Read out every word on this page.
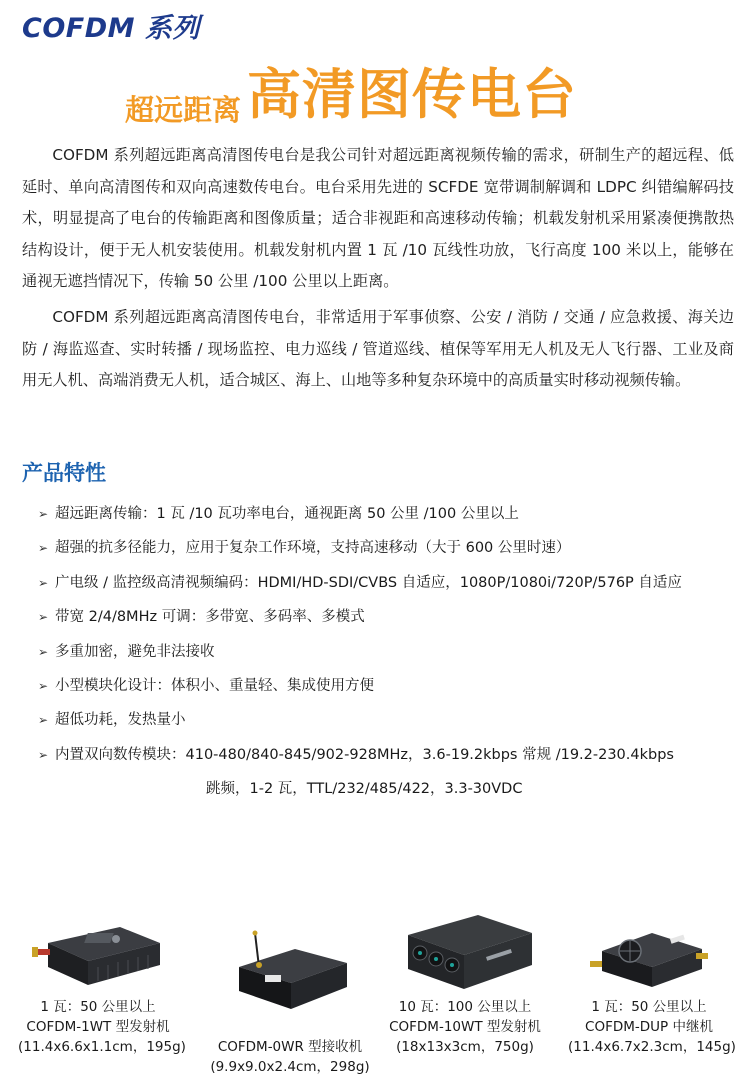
COFDM 系列
超远距离 高清图传电台

COFDM 系列超远距离高清图传电台是我公司针对超远距离视频传输的需求，研制生产的超远程、低延时、单向高清图传和双向高速数传电台。电台采用先进的 SCFDE 宽带调制解调和 LDPC 纠错编解码技术，明显提高了电台的传输距离和图像质量；适合非视距和高速移动传输；机载发射机采用紧凑便携散热结构设计，便于无人机安装使用。机载发射机内置 1 瓦 /10 瓦线性功放，飞行高度 100 米以上，能够在通视无遮挡情况下，传输 50 公里 /100 公里以上距离。

COFDM 系列超远距离高清图传电台，非常适用于军事侦察、公安 / 消防 / 交通 / 应急救援、海关边防 / 海监巡查、实时转播 / 现场监控、电力巡线 / 管道巡线、植保等军用无人机及无人飞行器、工业及商用无人机、高端消费无人机，适合城区、海上、山地等多种复杂环境中的高质量实时移动视频传输。

产品特性
➢ 超远距离传输：1 瓦 /10 瓦功率电台，通视距离 50 公里 /100 公里以上
➢ 超强的抗多径能力，应用于复杂工作环境，支持高速移动（大于 600 公里时速）
➢ 广电级 / 监控级高清视频编码：HDMI/HD-SDI/CVBS 自适应，1080P/1080i/720P/576P 自适应
➢ 带宽 2/4/8MHz 可调：多带宽、多码率、多模式
➢ 多重加密，避免非法接收
➢ 小型模块化设计：体积小、重量轻、集成使用方便
➢ 超低功耗，发热量小
➢ 内置双向数传模块：410-480/840-845/902-928MHz，3.6-19.2kbps 常规 /19.2-230.4kbps
跳频，1-2 瓦，TTL/232/485/422，3.3-30VDC
1 瓦：50 公里以上
COFDM-1WT 型发射机
(11.4x6.6x1.1cm，195g)
	COFDM-0WR 型接收机
(9.9x9.0x2.4cm，298g)
10 瓦：100 公里以上
COFDM-10WT 型发射机
(18x13x3cm，750g)
1 瓦：50 公里以上
COFDM-DUP 中继机
(11.4x6.7x2.3cm，145g)
